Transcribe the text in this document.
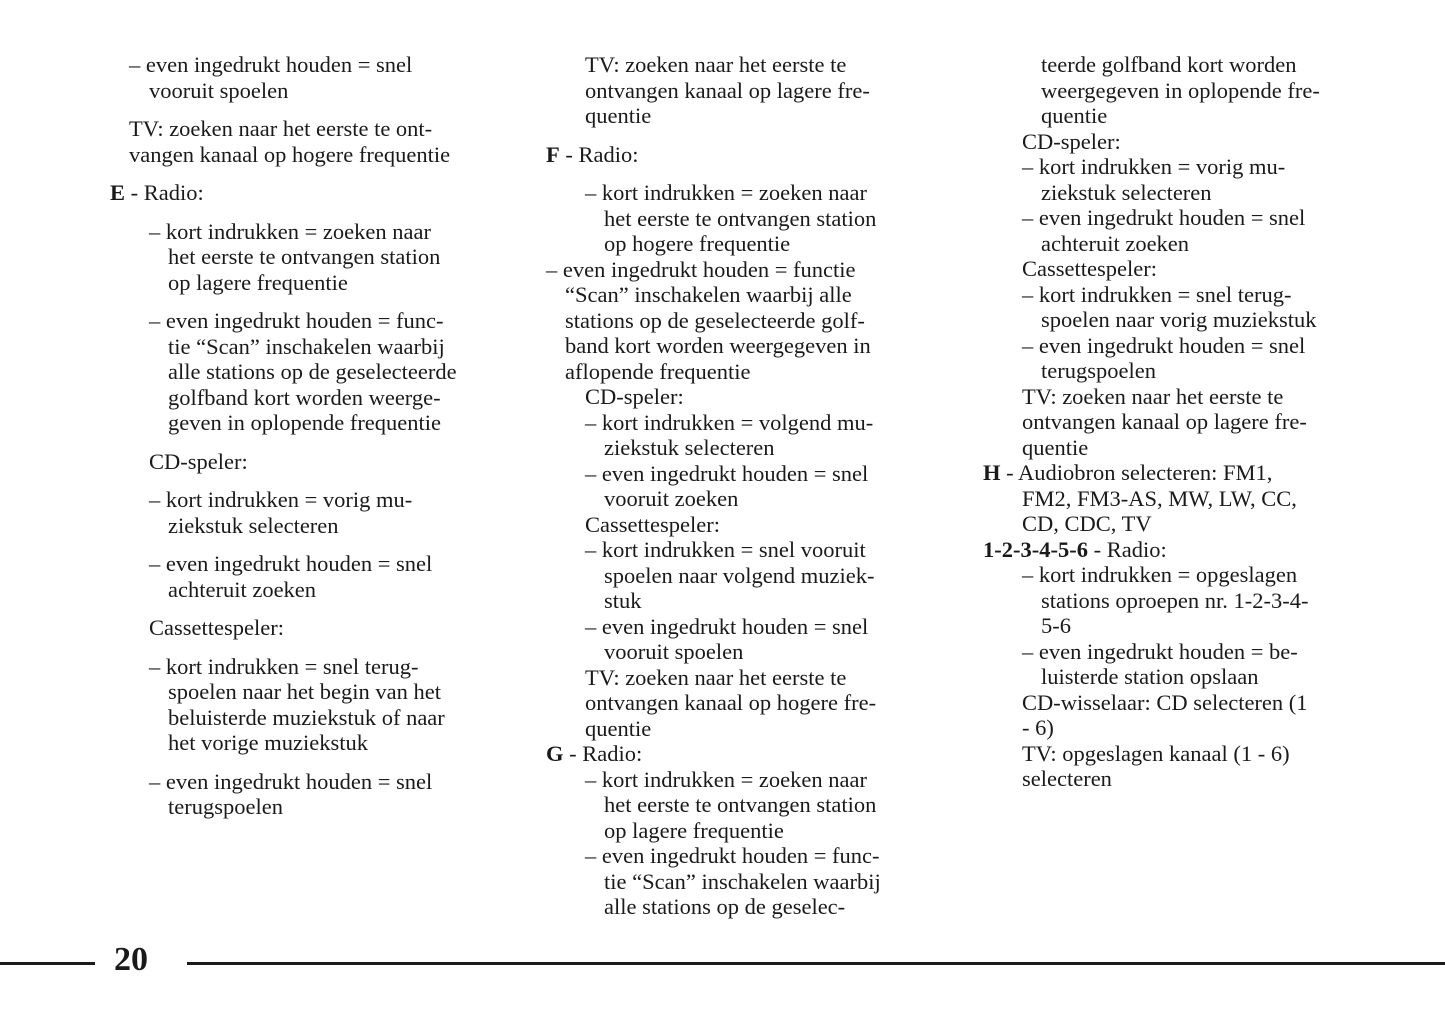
– even ingedrukt houden = snel
vooruit spoelen
TV: zoeken naar het eerste te ont-
vangen kanaal op hogere frequentie
E - Radio:
– kort indrukken = zoeken naar
het eerste te ontvangen station
op lagere frequentie
– even ingedrukt houden = func-
tie “Scan” inschakelen waarbij
alle stations op de geselecteerde
golfband kort worden weerge-
geven in oplopende frequentie
CD-speler:
– kort indrukken = vorig mu-
ziekstuk selecteren
– even ingedrukt houden = snel
achteruit zoeken
Cassettespeler:
– kort indrukken = snel terug-
spoelen naar het begin van het
beluisterde muziekstuk of naar
het vorige muziekstuk
– even ingedrukt houden = snel
terugspoelen
TV: zoeken naar het eerste te
ontvangen kanaal op lagere fre-
quentie
F - Radio:
– kort indrukken = zoeken naar
het eerste te ontvangen station
op hogere frequentie
– even ingedrukt houden = functie
“Scan” inschakelen waarbij alle
stations op de geselecteerde golf-
band kort worden weergegeven in
aflopende frequentie
CD-speler:
– kort indrukken = volgend mu-
ziekstuk selecteren
– even ingedrukt houden = snel
vooruit zoeken
Cassettespeler:
– kort indrukken = snel vooruit
spoelen naar volgend muziek-
stuk
– even ingedrukt houden = snel
vooruit spoelen
TV: zoeken naar het eerste te
ontvangen kanaal op hogere fre-
quentie
G - Radio:
– kort indrukken = zoeken naar
het eerste te ontvangen station
op lagere frequentie
– even ingedrukt houden = func-
tie “Scan” inschakelen waarbij
alle stations op de geselec-
teerde golfband kort worden
weergegeven in oplopende fre-
quentie
CD-speler:
– kort indrukken = vorig mu-
ziekstuk selecteren
– even ingedrukt houden = snel
achteruit zoeken
Cassettespeler:
– kort indrukken = snel terug-
spoelen naar vorig muziekstuk
– even ingedrukt houden = snel
terugspoelen
TV: zoeken naar het eerste te
ontvangen kanaal op lagere fre-
quentie
H - Audiobron selecteren: FM1,
FM2, FM3-AS, MW, LW, CC,
CD, CDC, TV
1-2-3-4-5-6 - Radio:
– kort indrukken = opgeslagen
stations oproepen nr. 1-2-3-4-
5-6
– even ingedrukt houden = be-
luisterde station opslaan
CD-wisselaar: CD selecteren (1
- 6)
TV: opgeslagen kanaal (1 - 6)
selecteren
20
